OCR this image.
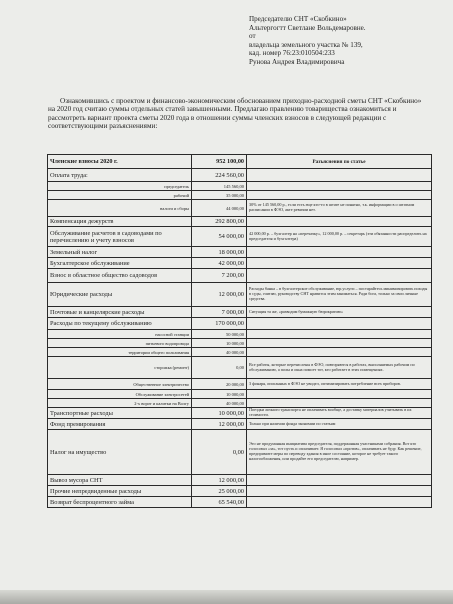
Председателю СНТ «Скобкино»
Альтергогтт Светлане Вольдемаровне.
от
владельца земельного участка № 139,
кад. номер 76:23:010504:233
Рунова Андрея Владимировича
Ознакомившись с проектом и финансово-экономическим обоснованием приходно-расходной сметы СНТ «Скобкино» на 2020 год считаю суммы отдельных статей завышенными. Предлагаю правлению товарищества ознакомиться и рассмотреть вариант проекта сметы 2020 года в отношении суммы членских взносов в следующей редакции с соответствующими разъяснениями:
Членские взносы 2020 г.	952 100,00	Разъяснения по статье
Оплата труда:	224 560,00	
председатель	145 560,00	
рабочий	35 000,00	
налоги и сборы	44 000,00	30% от 145 560,00 р., если есть еще кто-то в штате не понятно, т.к. информации в о штатном расписании в ФЭО, акте ревизии нет.
Компенсация дежурств	292 800,00	
Обслуживание расчетов в садоводами по перечислению и учету взносов	54 000,00	42 000,00 р. – бухгалтер на «перечачку», 12 000,00 р. – секретарь (эти обязанности распределить на председателя и бухгалтера)
Земельный налог	18 000,00	
Бухгалтерское обслуживание	42 000,00	
Взнос в областное общество садоводов	7 200,00	
Юридические расходы	12 000,00	Расходы банка – в бухгалтерское обслуживание, юр.услуги – постарайтесь минимизировать походы в суды, считаю, руководству СНТ нравится этим заниматься. Ради бога, только за свои личные средства.
Почтовые и канцелярские расходы	7 000,00	Ситуация та же, «разводим бумажную бюрократию»
Расходы по текущему обслуживанию	170 000,00	
насосной станции	50 000,00	
питьевого водопровода	10 000,00	
территории общего пользования	40 000,00	
сторожка (ремонт)	0,00	Все работы, которые перечислены в ФЭО, повторяются в работах, выполняемых рабочим по обслуживанию, а полы и окна помоет тот, кто работает в этих помещениях.
Общественное электричество	20 000,00	3 фонаря, описанных в ФЭО не увидел, оптимизировать потребление всех приборов.
Обслуживание электросетей	10 000,00	
2-х ворот и калитки на Волгу	40 000,00	
Транспортные расходы	10 000,00	Поездки личного транспорта не оплачивать вообще, а доставку материалов учитывать в их стоимости.
Фонд премирования	12 000,00	Только при наличии фонда экономии по статьям
Налог на имущество	0,00	Это не продуманная инициатива председателя, поддержанная участниками собрания. Вот кто голосовал «за», тот пусть и оплачивает. Я голосовал «против», оплачивать не буду. Как решение, предпримите меры по переводу здания в иное состояние, которое не требует такого налогообложения, или продайте его председателю, например.
Вывоз мусора СНТ	12 000,00	
Прочие непредвиденные расходы	25 000,00	
Возврат беспроцентного займа	65 540,00	
